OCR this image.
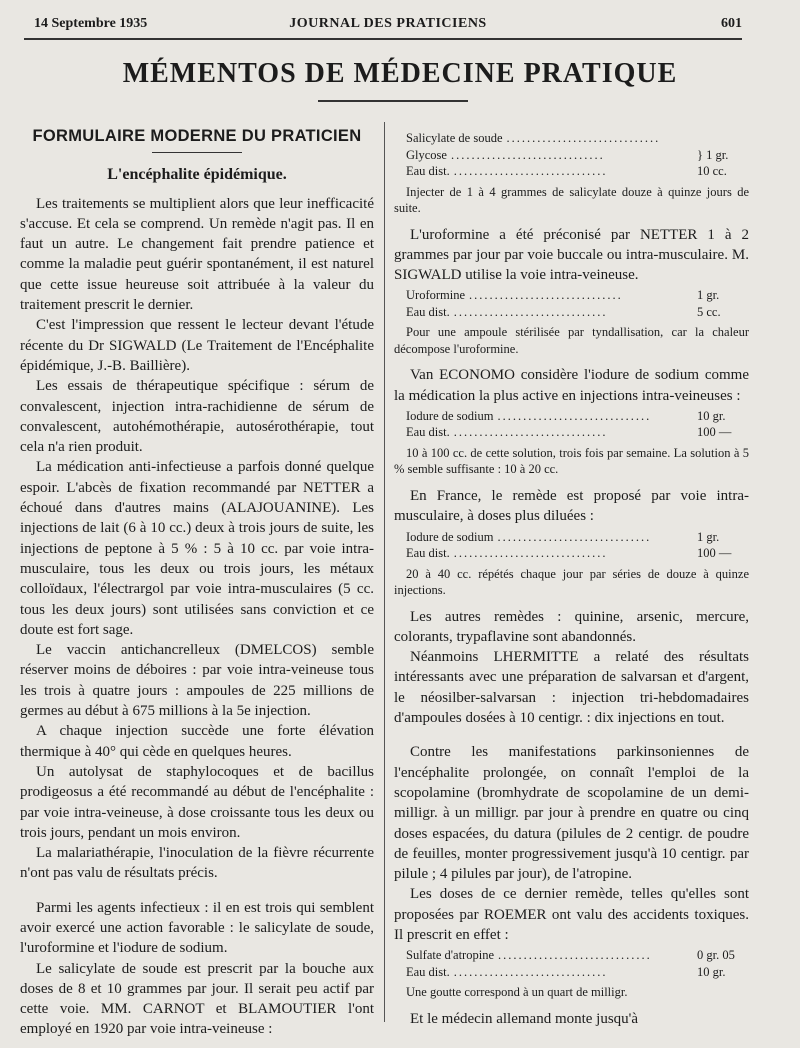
14 Septembre 1935	JOURNAL DES PRATICIENS	601
MÉMENTOS DE MÉDECINE PRATIQUE
FORMULAIRE MODERNE DU PRATICIEN
L'encéphalite épidémique.

Les traitements se multiplient alors que leur inefficacité s'accuse. Et cela se comprend. Un remède n'agit pas. Il en faut un autre. Le changement fait prendre patience et comme la maladie peut guérir spontanément, il est naturel que cette issue heureuse soit attribuée à la valeur du traitement prescrit le dernier.

C'est l'impression que ressent le lecteur devant l'étude récente du Dr SIGWALD (Le Traitement de l'Encéphalite épidémique, J.-B. Baillière).

Les essais de thérapeutique spécifique : sérum de convalescent, injection intra-rachidienne de sérum de convalescent, autohémothérapie, autosérothérapie, tout cela n'a rien produit.

La médication anti-infectieuse a parfois donné quelque espoir. L'abcès de fixation recommandé par NETTER a échoué dans d'autres mains (ALAJOUANINE). Les injections de lait (6 à 10 cc.) deux à trois jours de suite, les injections de peptone à 5 % : 5 à 10 cc. par voie intra-musculaire, tous les deux ou trois jours, les métaux colloïdaux, l'électrargol par voie intra-musculaires (5 cc. tous les deux jours) sont utilisées sans conviction et ce doute est fort sage.

Le vaccin antichancrelleux (DMELCOS) semble réserver moins de déboires : par voie intra-veineuse tous les trois à quatre jours : ampoules de 225 millions de germes au début à 675 millions à la 5e injection.

A chaque injection succède une forte élévation thermique à 40° qui cède en quelques heures.

Un autolysat de staphylocoques et de bacillus prodigeosus a été recommandé au début de l'encéphalite : par voie intra-veineuse, à dose croissante tous les deux ou trois jours, pendant un mois environ.

La malariathérapie, l'inoculation de la fièvre récurrente n'ont pas valu de résultats précis.

Parmi les agents infectieux : il en est trois qui semblent avoir exercé une action favorable : le salicylate de soude, l'uroformine et l'iodure de sodium.

Le salicylate de soude est prescrit par la bouche aux doses de 8 et 10 grammes par jour. Il serait peu actif par cette voie. MM. CARNOT et BLAMOUTIER l'ont employé en 1920 par voie intra-veineuse :

Salicylate de soude ..............................
Glycose ..............................	} 1 gr.
Eau dist. ..............................	10 cc.
Injecter de 1 à 4 grammes de salicylate douze à quinze jours de suite.

L'uroformine a été préconisé par NETTER 1 à 2 grammes par jour par voie buccale ou intra-musculaire. M. SIGWALD utilise la voie intra-veineuse.

Uroformine ..............................	1 gr.
Eau dist. ..............................	5 cc.
Pour une ampoule stérilisée par tyndallisation, car la chaleur décompose l'uroformine.

Van ECONOMO considère l'iodure de sodium comme la médication la plus active en injections intra-veineuses :

Iodure de sodium ..............................	10 gr.
Eau dist. ..............................	100 —
10 à 100 cc. de cette solution, trois fois par semaine. La solution à 5 % semble suffisante : 10 à 20 cc.

En France, le remède est proposé par voie intra-musculaire, à doses plus diluées :

Iodure de sodium ..............................	1 gr.
Eau dist. ..............................	100 —
20 à 40 cc. répétés chaque jour par séries de douze à quinze injections.

Les autres remèdes : quinine, arsenic, mercure, colorants, trypaflavine sont abandonnés.

Néanmoins LHERMITTE a relaté des résultats intéressants avec une préparation de salvarsan et d'argent, le néosilber-salvarsan : injection tri-hebdomadaires d'ampoules dosées à 10 centigr. : dix injections en tout.

Contre les manifestations parkinsoniennes de l'encéphalite prolongée, on connaît l'emploi de la scopolamine (bromhydrate de scopolamine de un demi-milligr. à un milligr. par jour à prendre en quatre ou cinq doses espacées, du datura (pilules de 2 centigr. de poudre de feuilles, monter progressivement jusqu'à 10 centigr. par pilule ; 4 pilules par jour), de l'atropine.

Les doses de ce dernier remède, telles qu'elles sont proposées par ROEMER ont valu des accidents toxiques. Il prescrit en effet :

Sulfate d'atropine ..............................	0 gr. 05
Eau dist. ..............................	10 gr.
Une goutte correspond à un quart de milligr.

Et le médecin allemand monte jusqu'à
